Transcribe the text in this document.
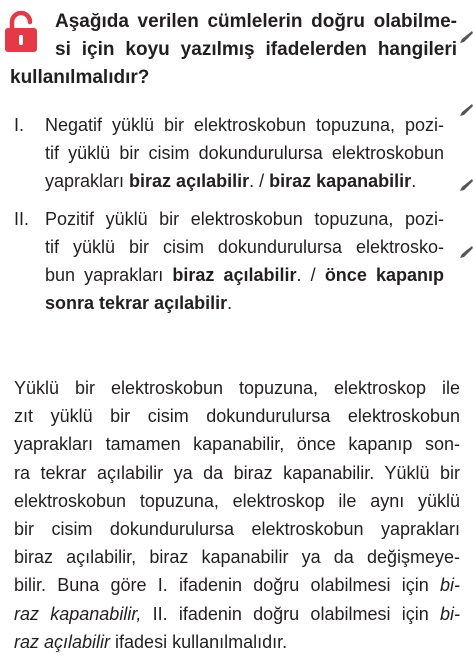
Aşağıda verilen cümlelerin doğru olabilme-
si için koyu yazılmış ifadelerden hangileri
kullanılmalıdır?
I. Negatif yüklü bir elektroskobun topuzuna, pozi-
tif yüklü bir cisim dokundurulursa elektroskobun
yaprakları biraz açılabilir. / biraz kapanabilir.
II. Pozitif yüklü bir elektroskobun topuzuna, pozi-
tif yüklü bir cisim dokundurulursa elektrosko-
bun yaprakları biraz açılabilir. / önce kapanıp
sonra tekrar açılabilir.
Yüklü bir elektroskobun topuzuna, elektroskop ile
zıt yüklü bir cisim dokundurulursa elektroskobun
yaprakları tamamen kapanabilir, önce kapanıp son-
ra tekrar açılabilir ya da biraz kapanabilir. Yüklü bir
elektroskobun topuzuna, elektroskop ile aynı yüklü
bir cisim dokundurulursa elektroskobun yaprakları
biraz açılabilir, biraz kapanabilir ya da değişmeye-
bilir. Buna göre I. ifadenin doğru olabilmesi için bi-
raz kapanabilir, II. ifadenin doğru olabilmesi için bi-
raz açılabilir ifadesi kullanılmalıdır.
